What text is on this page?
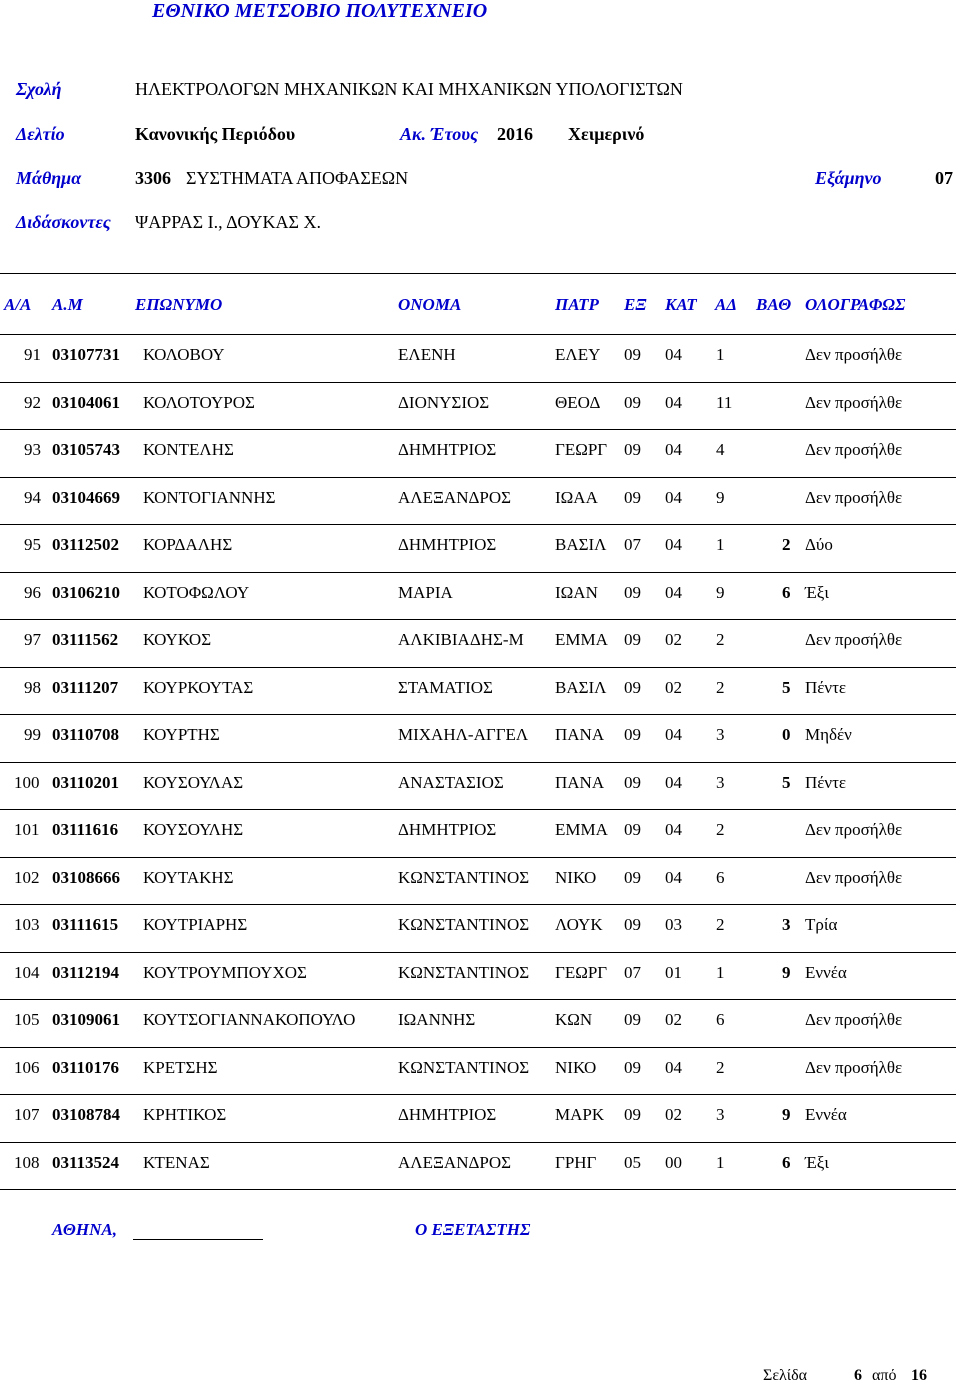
ΕΘΝΙΚΟ ΜΕΤΣΟΒΙΟ ΠΟΛΥΤΕΧΝΕΙΟ
Σχολή	ΗΛΕΚΤΡΟΛΟΓΩΝ ΜΗΧΑΝΙΚΩΝ ΚΑΙ ΜΗΧΑΝΙΚΩΝ ΥΠΟΛΟΓΙΣΤΩΝ
Δελτίο	Κανονικής Περιόδου	Ακ. Έτους 2016 Χειμερινό
Μάθημα	3306 ΣΥΣΤΗΜΑΤΑ ΑΠΟΦΑΣΕΩΝ	Εξάμηνο	07
Διδάσκοντες ΨΑΡΡΑΣ Ι., ΔΟΥΚΑΣ Χ.
Α/Α Α.Μ	ΕΠΩΝΥΜΟ	ΟΝΟΜΑ	ΠΑΤΡ ΕΞ ΚΑΤ ΑΔ ΒΑΘ ΟΛΟΓΡΑΦΩΣ
91 03107731 ΚΟΛΟΒΟΥ	ΕΛΕΝΗ	ΕΛΕΥ 09 04 1	Δεν προσήλθε
92 03104061 ΚΟΛΟΤΟΥΡΟΣ	ΔΙΟΝΥΣΙΟΣ	ΘΕΟΔ 09 04 11	Δεν προσήλθε
93 03105743 ΚΟΝΤΕΛΗΣ	ΔΗΜΗΤΡΙΟΣ	ΓΕΩΡΓ 09 04 4	Δεν προσήλθε
94 03104669 ΚΟΝΤΟΓΙΑΝΝΗΣ	ΑΛΕΞΑΝΔΡΟΣ	ΙΩΑΑ 09 04 9	Δεν προσήλθε
95 03112502 ΚΟΡΔΑΛΗΣ	ΔΗΜΗΤΡΙΟΣ	ΒΑΣΙΛ 07 04 1	2 Δύο
96 03106210 ΚΟΤΟΦΩΛΟΥ	ΜΑΡΙΑ	ΙΩΑΝ 09 04 9	6 Έξι
97 03111562 ΚΟΥΚΟΣ	ΑΛΚΙΒΙΑΔΗΣ-Μ ΕΜΜΑ 09 02 2	Δεν προσήλθε
98 03111207 ΚΟΥΡΚΟΥΤΑΣ	ΣΤΑΜΑΤΙΟΣ	ΒΑΣΙΛ 09 02 2	5 Πέντε
99 03110708 ΚΟΥΡΤΗΣ	ΜΙΧΑΗΛ-ΑΓΓΕΛ ΠΑΝΑ 09 04 3	0 Μηδέν
100 03110201 ΚΟΥΣΟΥΛΑΣ	ΑΝΑΣΤΑΣΙΟΣ	ΠΑΝΑ 09 04 3	5 Πέντε
101 03111616 ΚΟΥΣΟΥΛΗΣ	ΔΗΜΗΤΡΙΟΣ	ΕΜΜΑ 09 04 2	Δεν προσήλθε
102 03108666 ΚΟΥΤΑΚΗΣ	ΚΩΝΣΤΑΝΤΙΝΟΣ ΝΙΚΟ 09 04 6	Δεν προσήλθε
103 03111615 ΚΟΥΤΡΙΑΡΗΣ	ΚΩΝΣΤΑΝΤΙΝΟΣ ΛΟΥΚ 09 03 2	3 Τρία
104 03112194 ΚΟΥΤΡΟΥΜΠΟΥΧΟΣ	ΚΩΝΣΤΑΝΤΙΝΟΣ ΓΕΩΡΓ 07 01 1	9 Εννέα
105 03109061 ΚΟΥΤΣΟΓΙΑΝΝΑΚΟΠΟΥΛΟ	ΙΩΑΝΝΗΣ	ΚΩΝ 09 02 6	Δεν προσήλθε
106 03110176 ΚΡΕΤΣΗΣ	ΚΩΝΣΤΑΝΤΙΝΟΣ ΝΙΚΟ 09 04 2	Δεν προσήλθε
107 03108784 ΚΡΗΤΙΚΟΣ	ΔΗΜΗΤΡΙΟΣ	ΜΑΡΚ 09 02 3	9 Εννέα
108 03113524 ΚΤΕΝΑΣ	ΑΛΕΞΑΝΔΡΟΣ	ΓΡΗΓ 05 00 1	6 Έξι
ΑΘΗΝΑ,	Ο ΕΞΕΤΑΣΤΗΣ
Σελίδα	6 από 16
